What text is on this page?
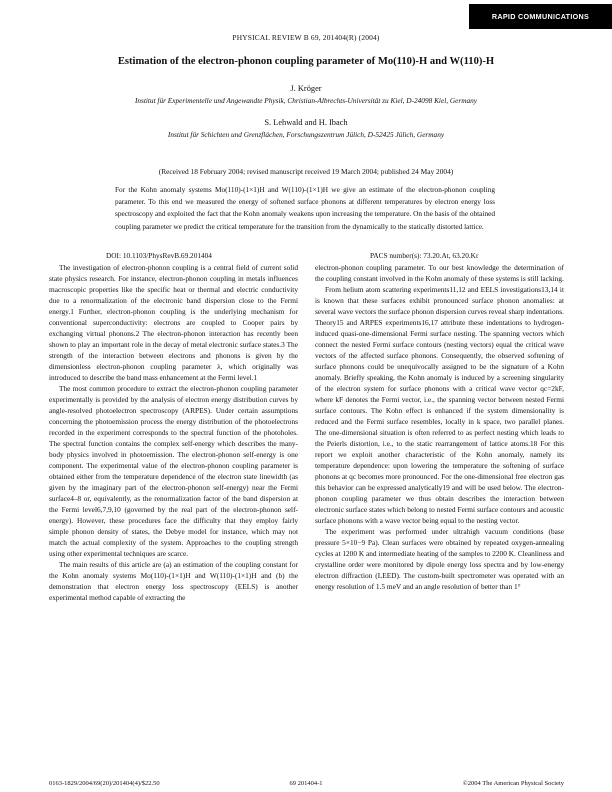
RAPID COMMUNICATIONS
PHYSICAL REVIEW B 69, 201404(R) (2004)
Estimation of the electron-phonon coupling parameter of Mo(110)-H and W(110)-H
J. Kröger
Institut für Experimentelle und Angewandte Physik, Christian-Albrechts-Universität zu Kiel, D-24098 Kiel, Germany
S. Lehwald and H. Ibach
Institut für Schichten und Grenzflächen, Forschungszentrum Jülich, D-52425 Jülich, Germany
(Received 18 February 2004; revised manuscript received 19 March 2004; published 24 May 2004)
For the Kohn anomaly systems Mo(110)-(1×1)H and W(110)-(1×1)H we give an estimate of the electron-phonon coupling parameter. To this end we measured the energy of softened surface phonons at different temperatures by electron energy loss spectroscopy and exploited the fact that the Kohn anomaly weakens upon increasing the temperature. On the basis of the obtained coupling parameter we predict the critical temperature for the transition from the dynamically to the statically distorted lattice.
DOI: 10.1103/PhysRevB.69.201404	PACS number(s): 73.20.At, 63.20.Kr

The investigation of electron-phonon coupling is a central field of current solid state physics research. For instance, electron-phonon coupling in metals influences macroscopic properties like the specific heat or thermal and electric conductivity due to a renormalization of the electronic band dispersion close to the Fermi energy.1 Further, electron-phonon coupling is the underlying mechanism for conventional superconductivity: electrons are coupled to Cooper pairs by exchanging virtual phonons.2 The electron-phonon interaction has recently been shown to play an important role in the decay of metal electronic surface states.3 The strength of the interaction between electrons and phonons is given by the dimensionless electron-phonon coupling parameter λ, which originally was introduced to describe the band mass enhancement at the Fermi level.1

The most common procedure to extract the electron-phonon coupling parameter experimentally is provided by the analysis of electron energy distribution curves by angle-resolved photoelectron spectroscopy (ARPES). Under certain assumptions concerning the photoemission process the energy distribution of the photoelectrons recorded in the experiment corresponds to the spectral function of the photoholes. The spectral function contains the complex self-energy which describes the many-body physics involved in photoemission. The electron-phonon self-energy is one component. The experimental value of the electron-phonon coupling parameter is obtained either from the temperature dependence of the electron state linewidth (as given by the imaginary part of the electron-phonon self-energy) near the Fermi surface4–8 or, equivalently, as the renormalization factor of the band dispersion at the Fermi level6,7,9,10 (governed by the real part of the electron-phonon self-energy). However, these procedures face the difficulty that they employ fairly simple phonon density of states, the Debye model for instance, which may not match the actual complexity of the system. Approaches to the coupling strength using other experimental techniques are scarce.

The main results of this article are (a) an estimation of the coupling constant for the Kohn anomaly systems Mo(110)-(1×1)H and W(110)-(1×1)H and (b) the demonstration that electron energy loss spectroscopy (EELS) is another experimental method capable of extracting the

electron-phonon coupling parameter. To our best knowledge the determination of the coupling constant involved in the Kohn anomaly of these systems is still lacking.

From helium atom scattering experiments11,12 and EELS investigations13,14 it is known that these surfaces exhibit pronounced surface phonon anomalies: at several wave vectors the surface phonon dispersion curves reveal sharp indentations. Theory15 and ARPES experiments16,17 attribute these indentations to hydrogen-induced quasi-one-dimensional Fermi surface nesting. The spanning vectors which connect the nested Fermi surface contours (nesting vectors) equal the critical wave vectors of the affected surface phonons. Consequently, the observed softening of surface phonons could be unequivocally assigned to be the signature of a Kohn anomaly. Briefly speaking, the Kohn anomaly is induced by a screening singularity of the electron system for surface phonons with a critical wave vector qc=2kF, where kF denotes the Fermi vector, i.e., the spanning vector between nested Fermi surface contours. The Kohn effect is enhanced if the system dimensionality is reduced and the Fermi surface resembles, locally in k space, two parallel planes. The one-dimensional situation is often referred to as perfect nesting which leads to the Peierls distortion, i.e., to the static rearrangement of lattice atoms.18 For this report we exploit another characteristic of the Kohn anomaly, namely its temperature dependence: upon lowering the temperature the softening of surface phonons at qc becomes more pronounced. For the one-dimensional free electron gas this behavior can be expressed analytically19 and will be used below. The electron-phonon coupling parameter we thus obtain describes the interaction between electronic surface states which belong to nested Fermi surface contours and acoustic surface phonons with a wave vector being equal to the nesting vector.

The experiment was performed under ultrahigh vacuum conditions (base pressure 5×10−9 Pa). Clean surfaces were obtained by repeated oxygen-annealing cycles at 1200 K and intermediate heating of the samples to 2200 K. Cleanliness and crystalline order were monitored by dipole energy loss spectra and by low-energy electron diffraction (LEED). The custom-built spectrometer was operated with an energy resolution of 1.5 meV and an angle resolution of better than 1°

0163-1829/2004/69(20)/201404(4)/$22.50	69 201404-1	©2004 The American Physical Society
